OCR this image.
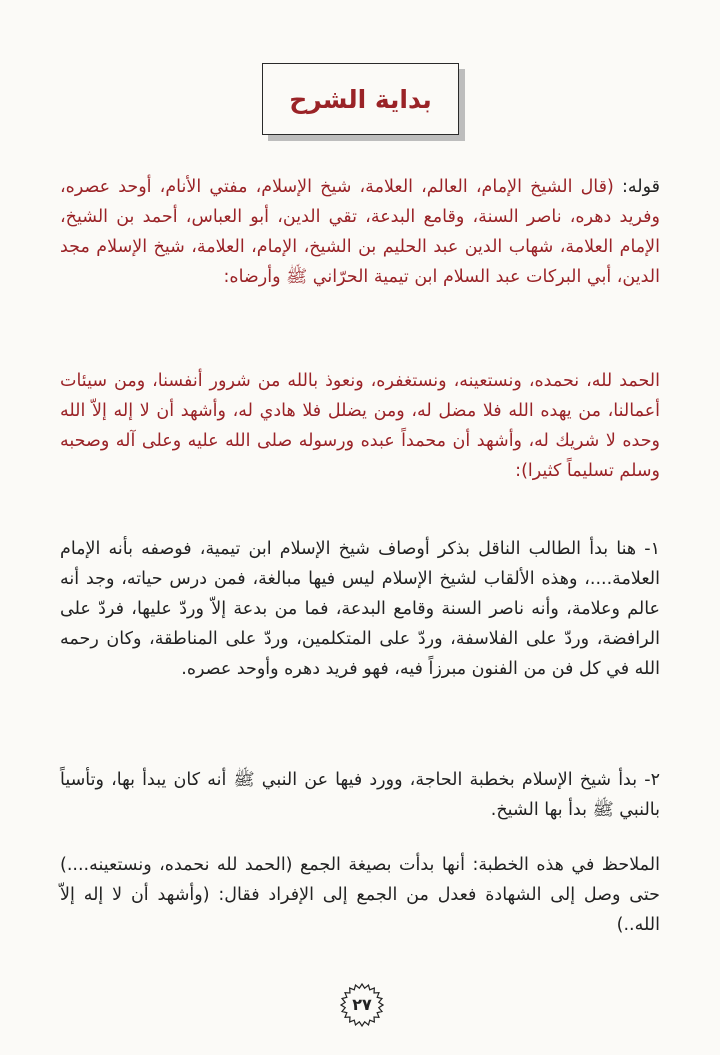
بداية الشرح
قوله: (قال الشيخ الإمام، العالم، العلامة، شيخ الإسلام، مفتي الأنام، أوحد عصره، وفريد دهره، ناصر السنة، وقامع البدعة، تقي الدين، أبو العباس، أحمد بن الشيخ، الإمام العلامة، شهاب الدين عبد الحليم بن الشيخ، الإمام، العلامة، شيخ الإسلام مجد الدين، أبي البركات عبد السلام ابن تيمية الحرّاني ﷺ وأرضاه:
الحمد لله، نحمده، ونستعينه، ونستغفره، ونعوذ بالله من شرور أنفسنا، ومن سيئات أعمالنا، من يهده الله فلا مضل له، ومن يضلل فلا هادي له، وأشهد أن لا إله إلاّ الله وحده لا شريك له، وأشهد أن محمداً عبده ورسوله صلى الله عليه وعلى آله وصحبه وسلم تسليماً كثيرا):
١- هنا بدأ الطالب الناقل بذكر أوصاف شيخ الإسلام ابن تيمية، فوصفه بأنه الإمام العلامة....، وهذه الألقاب لشيخ الإسلام ليس فيها مبالغة، فمن درس حياته، وجد أنه عالم وعلامة، وأنه ناصر السنة وقامع البدعة، فما من بدعة إلاّ وردّ عليها، فردّ على الرافضة، وردّ على الفلاسفة، وردّ على المتكلمين، وردّ على المناطقة، وكان رحمه الله في كل فن من الفنون مبرزاً فيه، فهو فريد دهره وأوحد عصره.
٢- بدأ شيخ الإسلام بخطبة الحاجة، وورد فيها عن النبي ﷺ أنه كان يبدأ بها، وتأسياً بالنبي ﷺ بدأ بها الشيخ.
الملاحظ في هذه الخطبة: أنها بدأت بصيغة الجمع (الحمد لله نحمده، ونستعينه....) حتى وصل إلى الشهادة فعدل من الجمع إلى الإفراد فقال: (وأشهد أن لا إله إلاّ الله..)
٢٧
